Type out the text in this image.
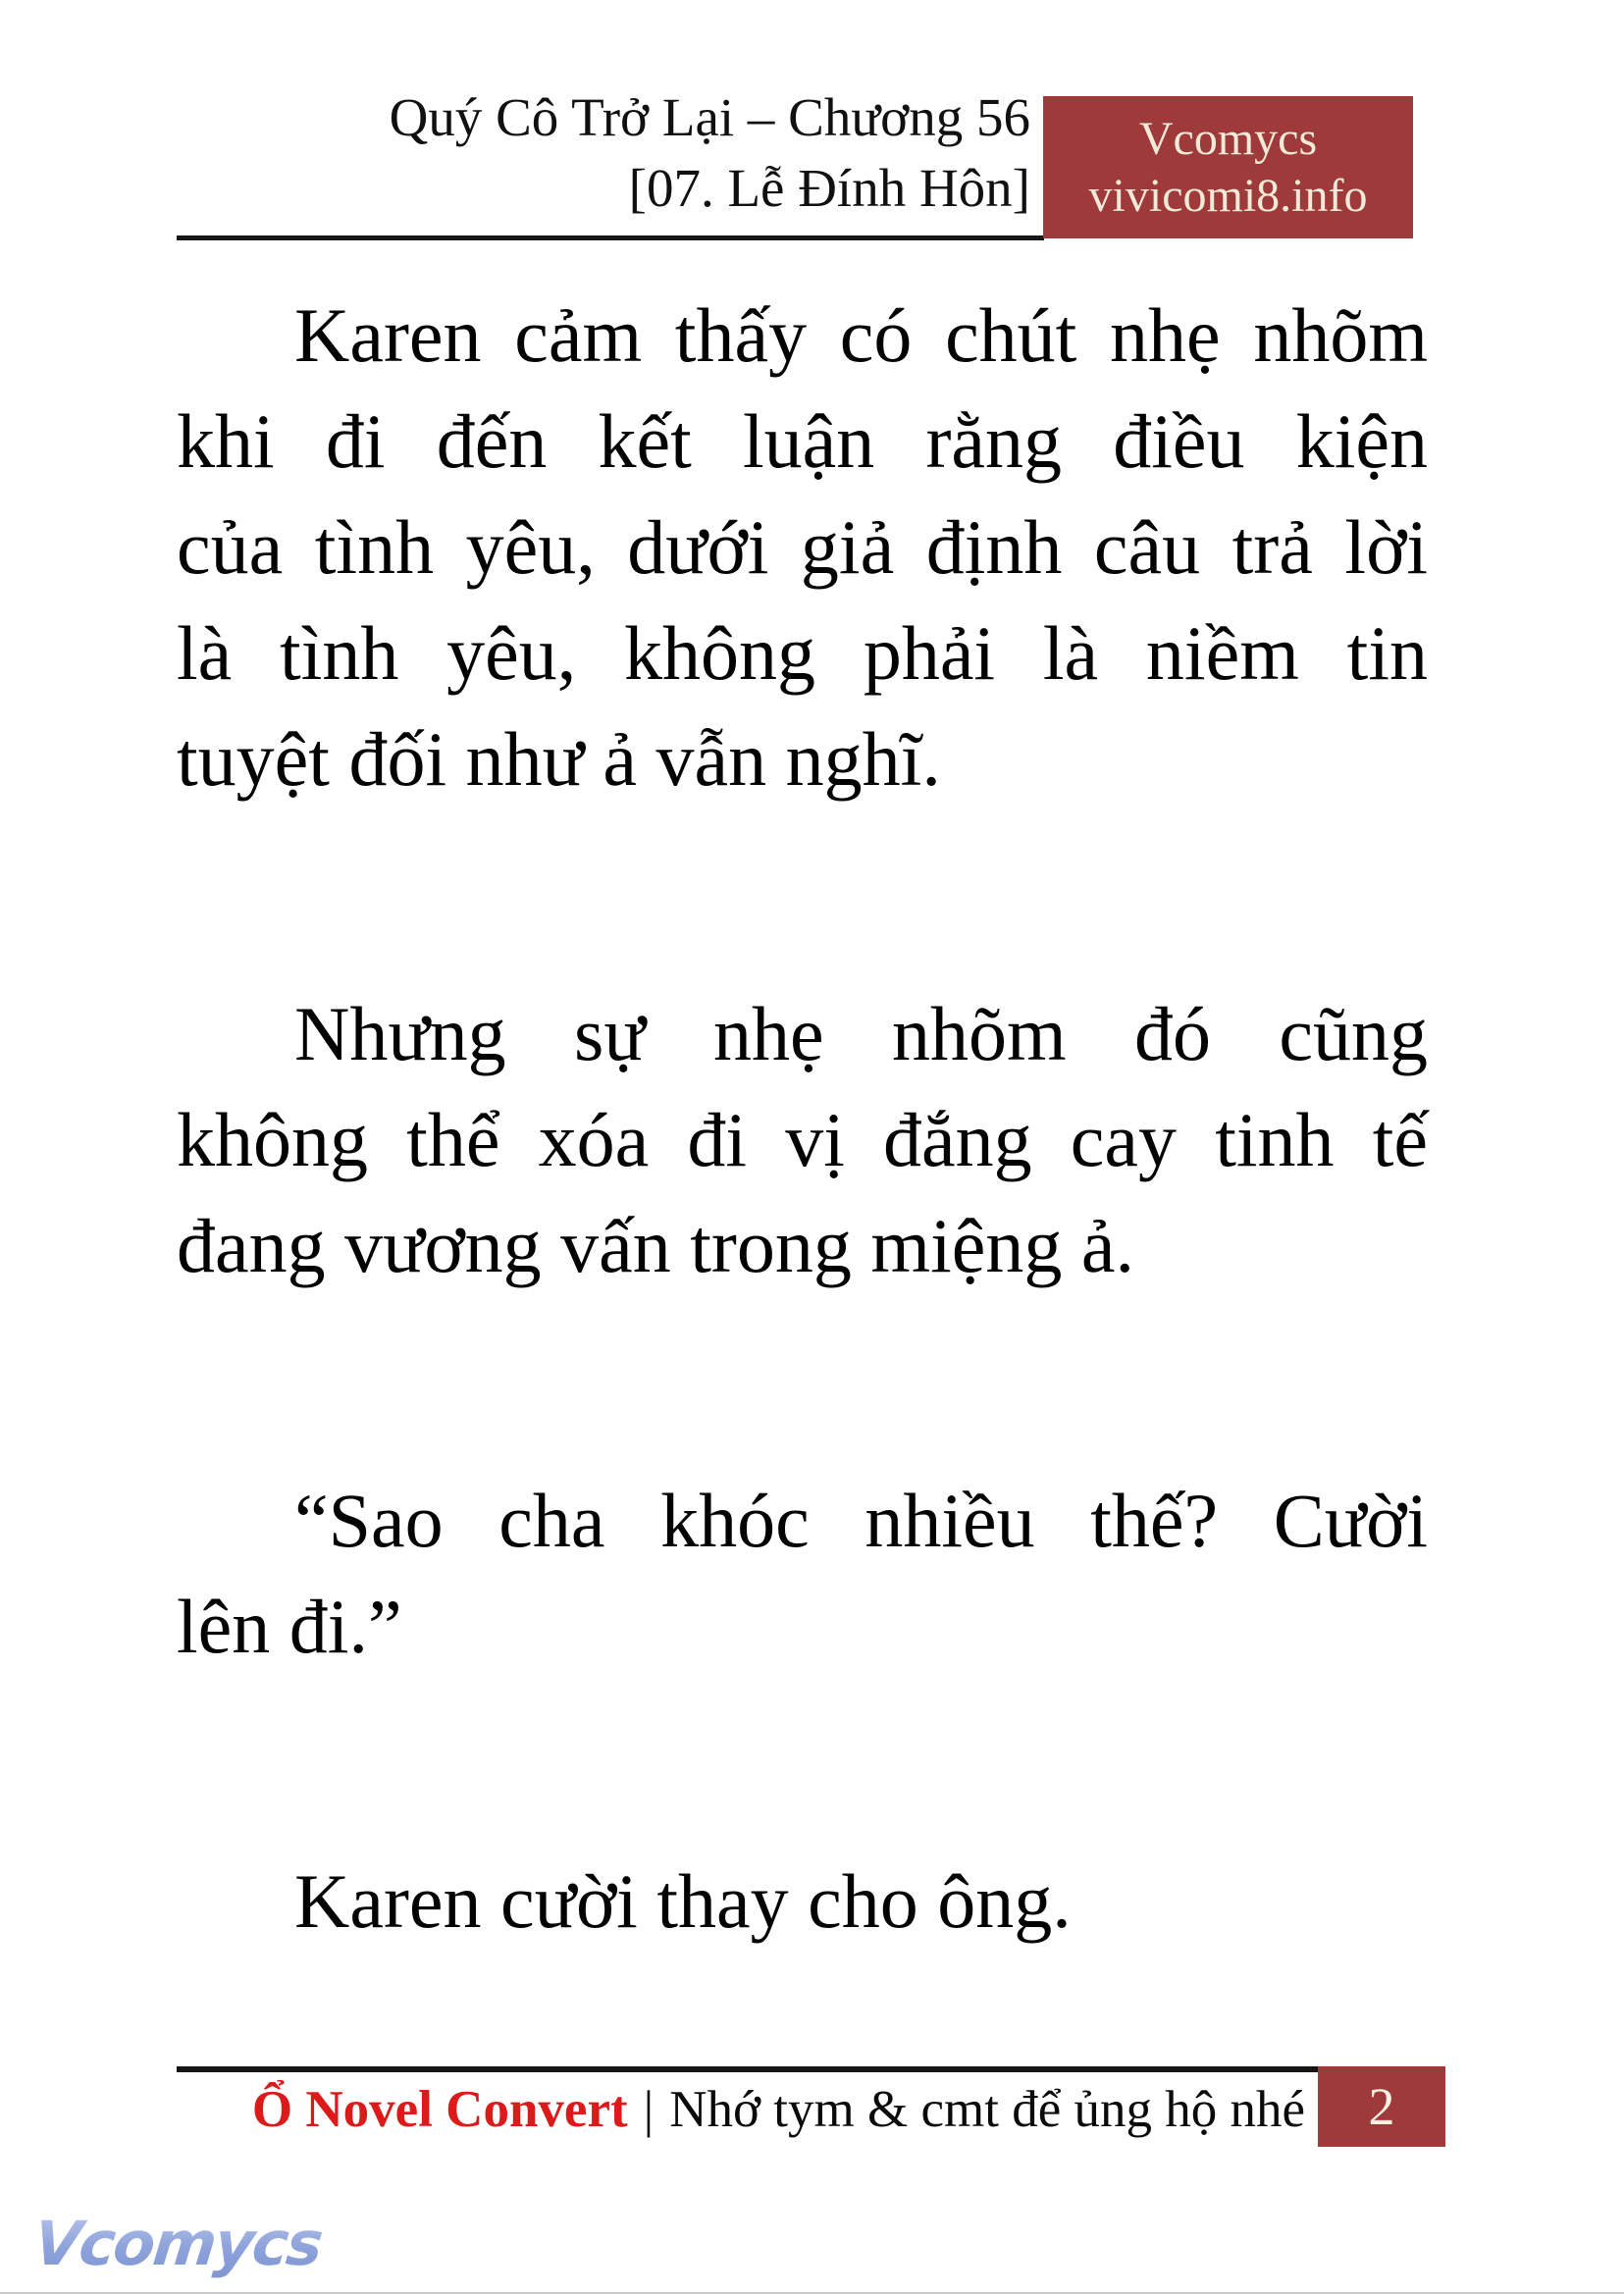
Quý Cô Trở Lại – Chương 56
[07. Lễ Đính Hôn]
Vcomycs
vivicomi8.info
Karen cảm thấy có chút nhẹ nhõm
khi đi đến kết luận rằng điều kiện
của tình yêu, dưới giả định câu trả lời
là tình yêu, không phải là niềm tin
tuyệt đối như ả vẫn nghĩ.
Nhưng sự nhẹ nhõm đó cũng
không thể xóa đi vị đắng cay tinh tế
đang vương vấn trong miệng ả.
“Sao cha khóc nhiều thế? Cười
lên đi.”
Karen cười thay cho ông.
Ổ Novel Convert | Nhớ tym & cmt để ủng hộ nhé 2
Vcomycs
